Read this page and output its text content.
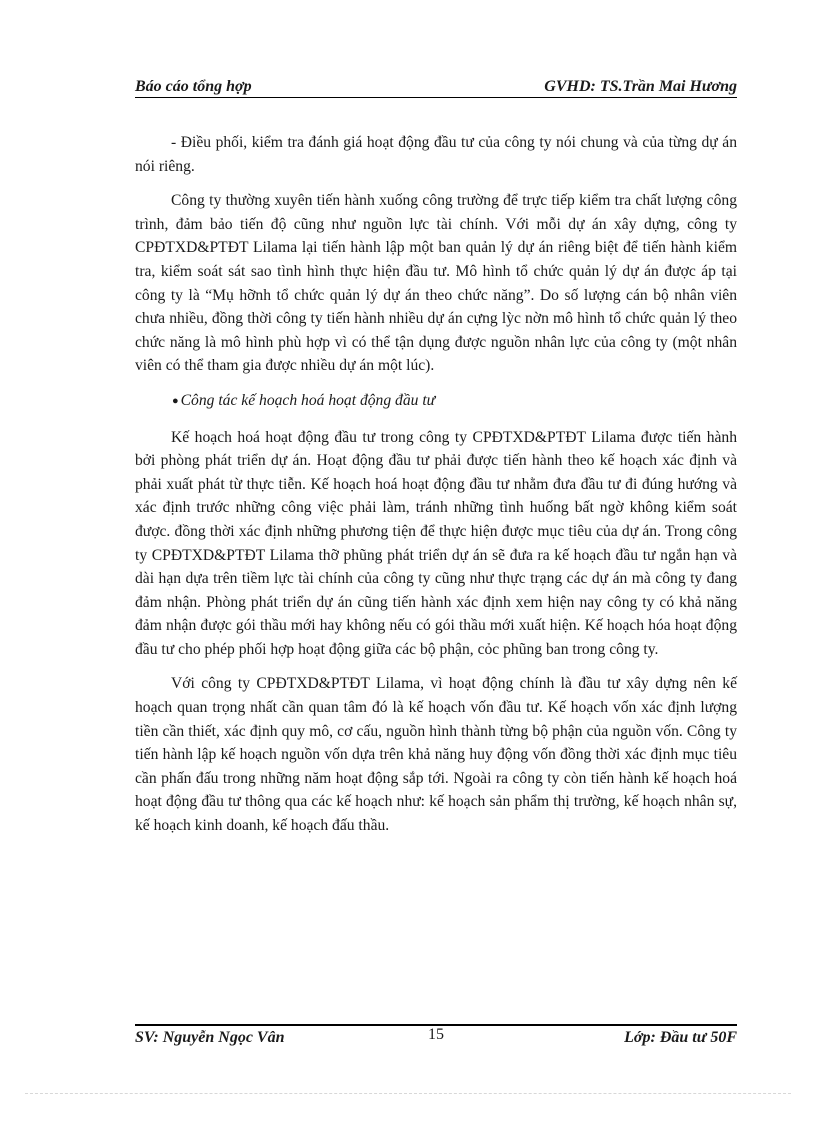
Báo cáo tổng hợp	GVHD: TS.Trần Mai Hương

- Điều phối, kiểm tra đánh giá hoạt động đầu tư của công ty nói chung và của từng dự án nói riêng.

Công ty thường xuyên tiến hành xuống công trường để trực tiếp kiểm tra chất lượng công trình, đảm bảo tiến độ cũng như nguồn lực tài chính. Với mỗi dự án xây dựng, công ty CPĐTXD&PTĐT Lilama lại tiến hành lập một ban quản lý dự án riêng biệt để tiến hành kiểm tra, kiểm soát sát sao tình hình thực hiện đầu tư. Mô hình tổ chức quản lý dự án được áp tại công ty là “Mụ hỡnh tổ chức quản lý dự án theo chức năng”. Do số lượng cán bộ nhân viên chưa nhiều, đồng thời công ty tiến hành nhiều dự án cựng lỳc nờn mô hình tổ chức quản lý theo chức năng là mô hình phù hợp vì có thể tận dụng được nguồn nhân lực của công ty (một nhân viên có thể tham gia được nhiều dự án một lúc).

● Công tác kế hoạch hoá hoạt động đầu tư

Kế hoạch hoá hoạt động đầu tư trong công ty CPĐTXD&PTĐT Lilama được tiến hành bởi phòng phát triển dự án. Hoạt động đầu tư phải được tiến hành theo kế hoạch xác định và phải xuất phát từ thực tiễn. Kế hoạch hoá hoạt động đầu tư nhằm đưa đầu tư đi đúng hướng và xác định trước những công việc phải làm, tránh những tình huống bất ngờ không kiểm soát được. đồng thời xác định những phương tiện để thực hiện được mục tiêu của dự án. Trong công ty CPĐTXD&PTĐT Lilama thỡ phũng phát triển dự án sẽ đưa ra kế hoạch đầu tư ngắn hạn và dài hạn dựa trên tiềm lực tài chính của công ty cũng như thực trạng các dự án mà công ty đang đảm nhận. Phòng phát triển dự án cũng tiến hành xác định xem hiện nay công ty có khả năng đảm nhận được gói thầu mới hay không nếu có gói thầu mới xuất hiện. Kế hoạch hóa hoạt động đầu tư cho phép phối hợp hoạt động giữa các bộ phận, cỏc phũng ban trong công ty.

Với công ty CPĐTXD&PTĐT Lilama, vì hoạt động chính là đầu tư xây dựng nên kế hoạch quan trọng nhất cần quan tâm đó là kế hoạch vốn đầu tư. Kế hoạch vốn xác định lượng tiền cần thiết, xác định quy mô, cơ cấu, nguồn hình thành từng bộ phận của nguồn vốn. Công ty tiến hành lập kế hoạch nguồn vốn dựa trên khả năng huy động vốn đồng thời xác định mục tiêu cần phấn đấu trong những năm hoạt động sắp tới. Ngoài ra công ty còn tiến hành kế hoạch hoá hoạt động đầu tư thông qua các kế hoạch như: kế hoạch sản phẩm thị trường, kế hoạch nhân sự, kế hoạch kinh doanh, kế hoạch đấu thầu.

SV: Nguyễn Ngọc Vân	15	Lớp: Đầu tư 50F
